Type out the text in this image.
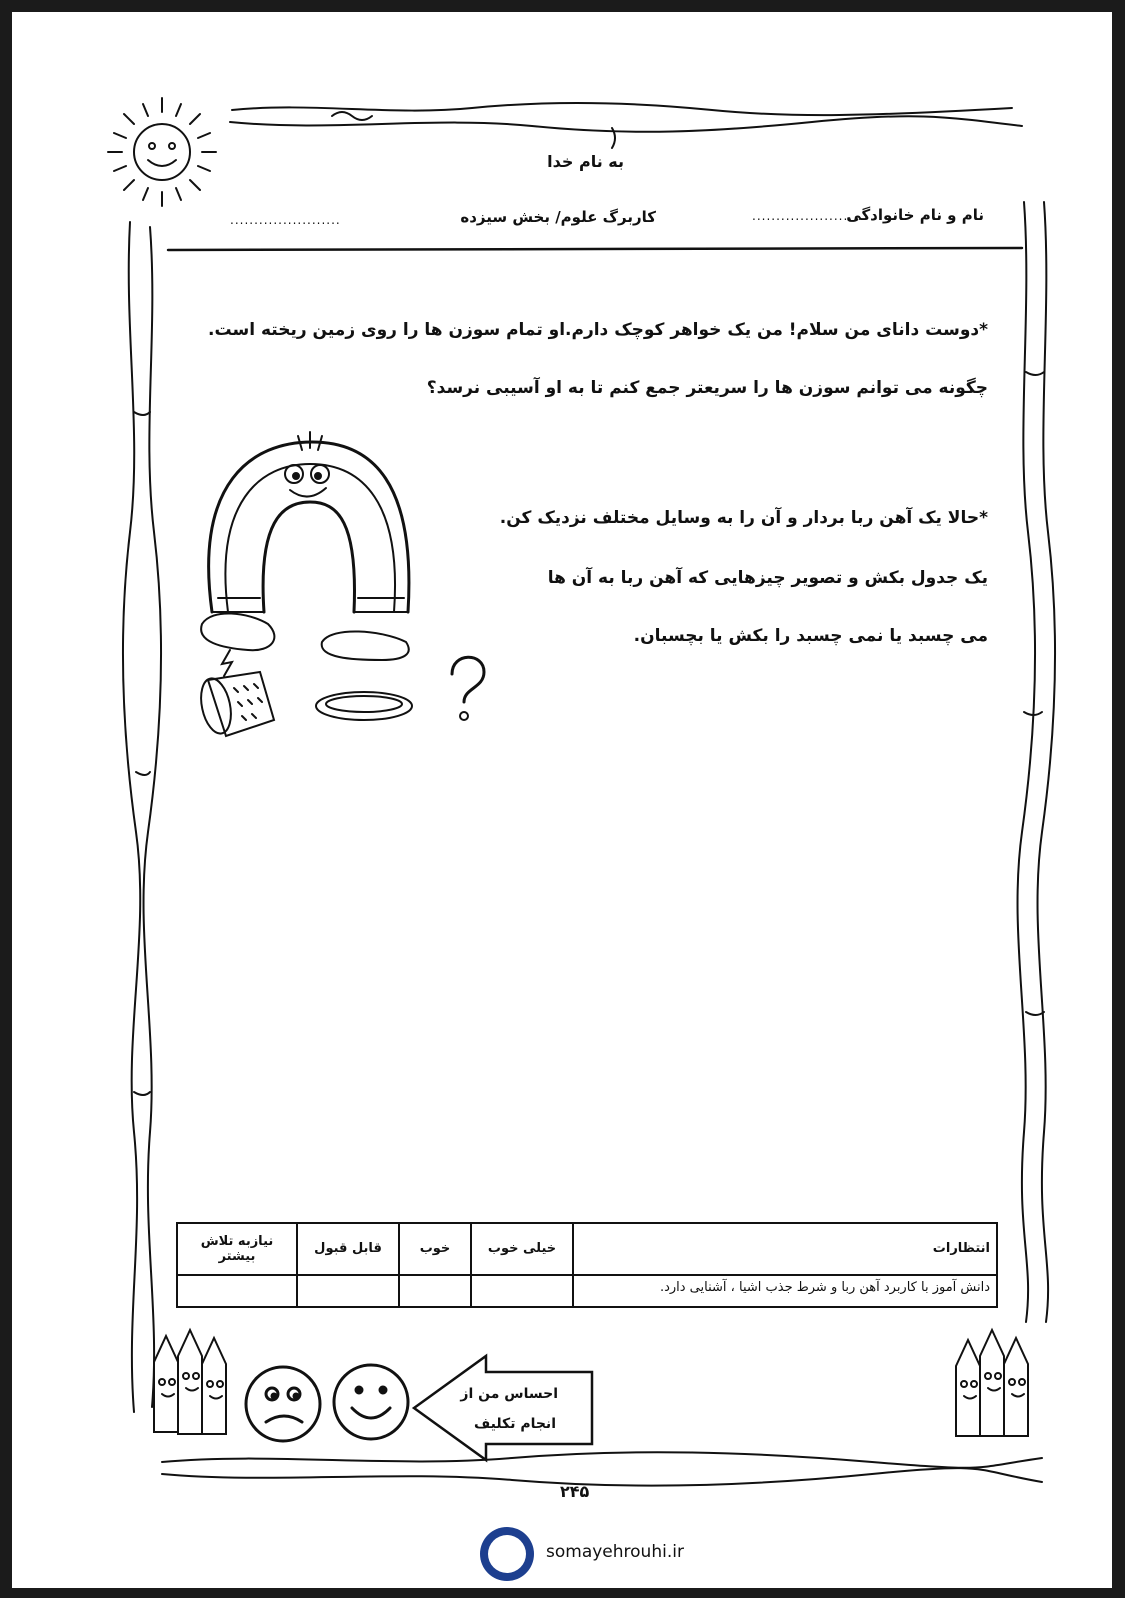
به نام خدا
نام و نام خانوادگی
.......................
کاربرگ علوم/ بخش سیزده
.......................
*دوست دانای من سلام! من یک خواهر کوچک دارم.او تمام سوزن ها را روی زمین ریخته است.
چگونه می توانم سوزن ها را سریعتر جمع کنم تا به او آسیبی نرسد؟
*حالا یک آهن ربا بردار و آن را به وسایل مختلف نزدیک کن.
یک جدول بکش و تصویر چیزهایی که آهن ربا به آن ها
می چسبد یا نمی چسبد را بکش یا بچسبان.
انتظارات	خیلی خوب	خوب	قابل قبول	نیازبه تلاش بیشتر
دانش آموز با کاربرد آهن ربا و شرط جذب اشیا ، آشنایی دارد.				
احساس من از
انجام تکلیف
۲۴۵
somayehrouhi.ir
